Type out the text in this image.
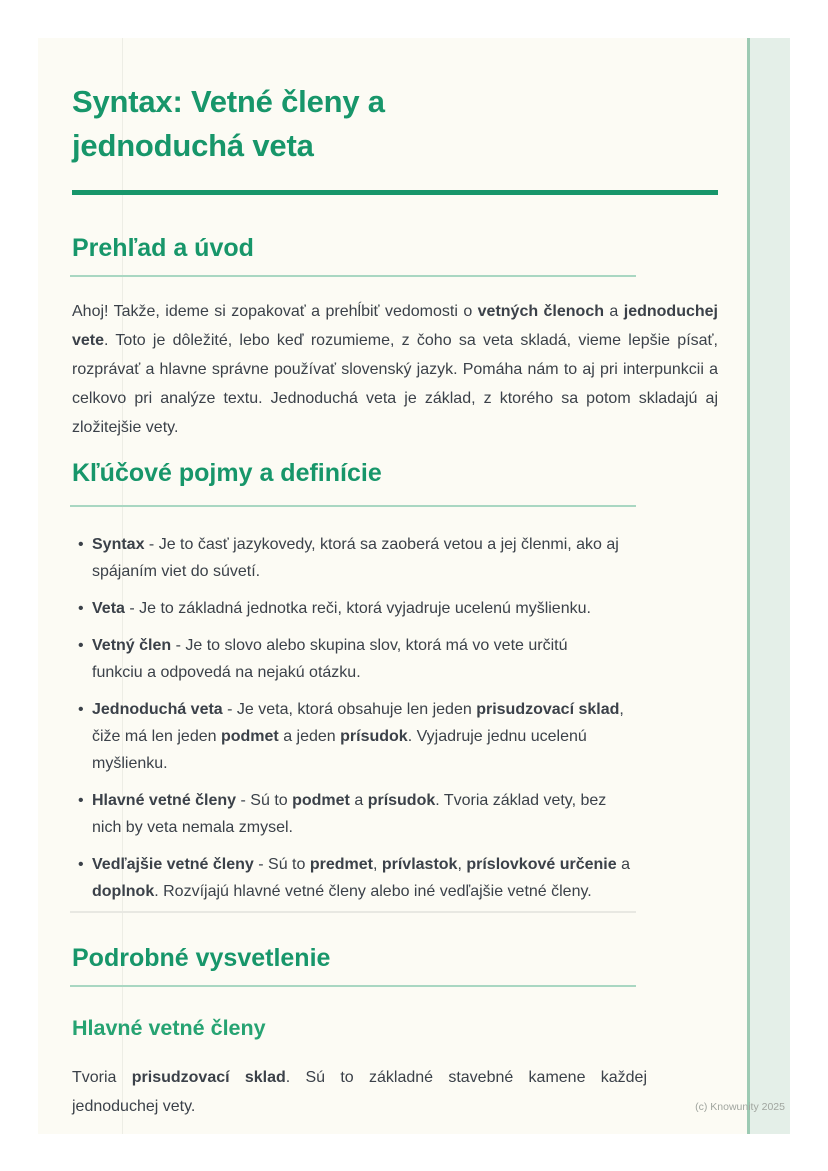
Syntax: Vetné členy a
jednoduchá veta
Prehľad a úvod

Ahoj! Takže, ideme si zopakovať a prehĺbiť vedomosti o vetných členoch a jednoduchej vete. Toto je dôležité, lebo keď rozumieme, z čoho sa veta skladá, vieme lepšie písať, rozprávať a hlavne správne používať slovenský jazyk. Pomáha nám to aj pri interpunkcii a celkovo pri analýze textu. Jednoduchá veta je základ, z ktorého sa potom skladajú aj zložitejšie vety.

Kľúčové pojmy a definície
• Syntax - Je to časť jazykovedy, ktorá sa zaoberá vetou a jej členmi, ako aj
spájaním viet do súvetí.
• Veta - Je to základná jednotka reči, ktorá vyjadruje ucelenú myšlienku.
• Vetný člen - Je to slovo alebo skupina slov, ktorá má vo vete určitú
funkciu a odpovedá na nejakú otázku.
• Jednoduchá veta - Je veta, ktorá obsahuje len jeden prisudzovací sklad,
čiže má len jeden podmet a jeden prísudok. Vyjadruje jednu ucelenú
myšlienku.
• Hlavné vetné členy - Sú to podmet a prísudok. Tvoria základ vety, bez
nich by veta nemala zmysel.
• Vedľajšie vetné členy - Sú to predmet, prívlastok, príslovkové určenie a
doplnok. Rozvíjajú hlavné vetné členy alebo iné vedľajšie vetné členy.
Podrobné vysvetlenie
Hlavné vetné členy

Tvoria prisudzovací sklad. Sú to základné stavebné kamene každej jednoduchej vety.	(c) Knowunity 2025
